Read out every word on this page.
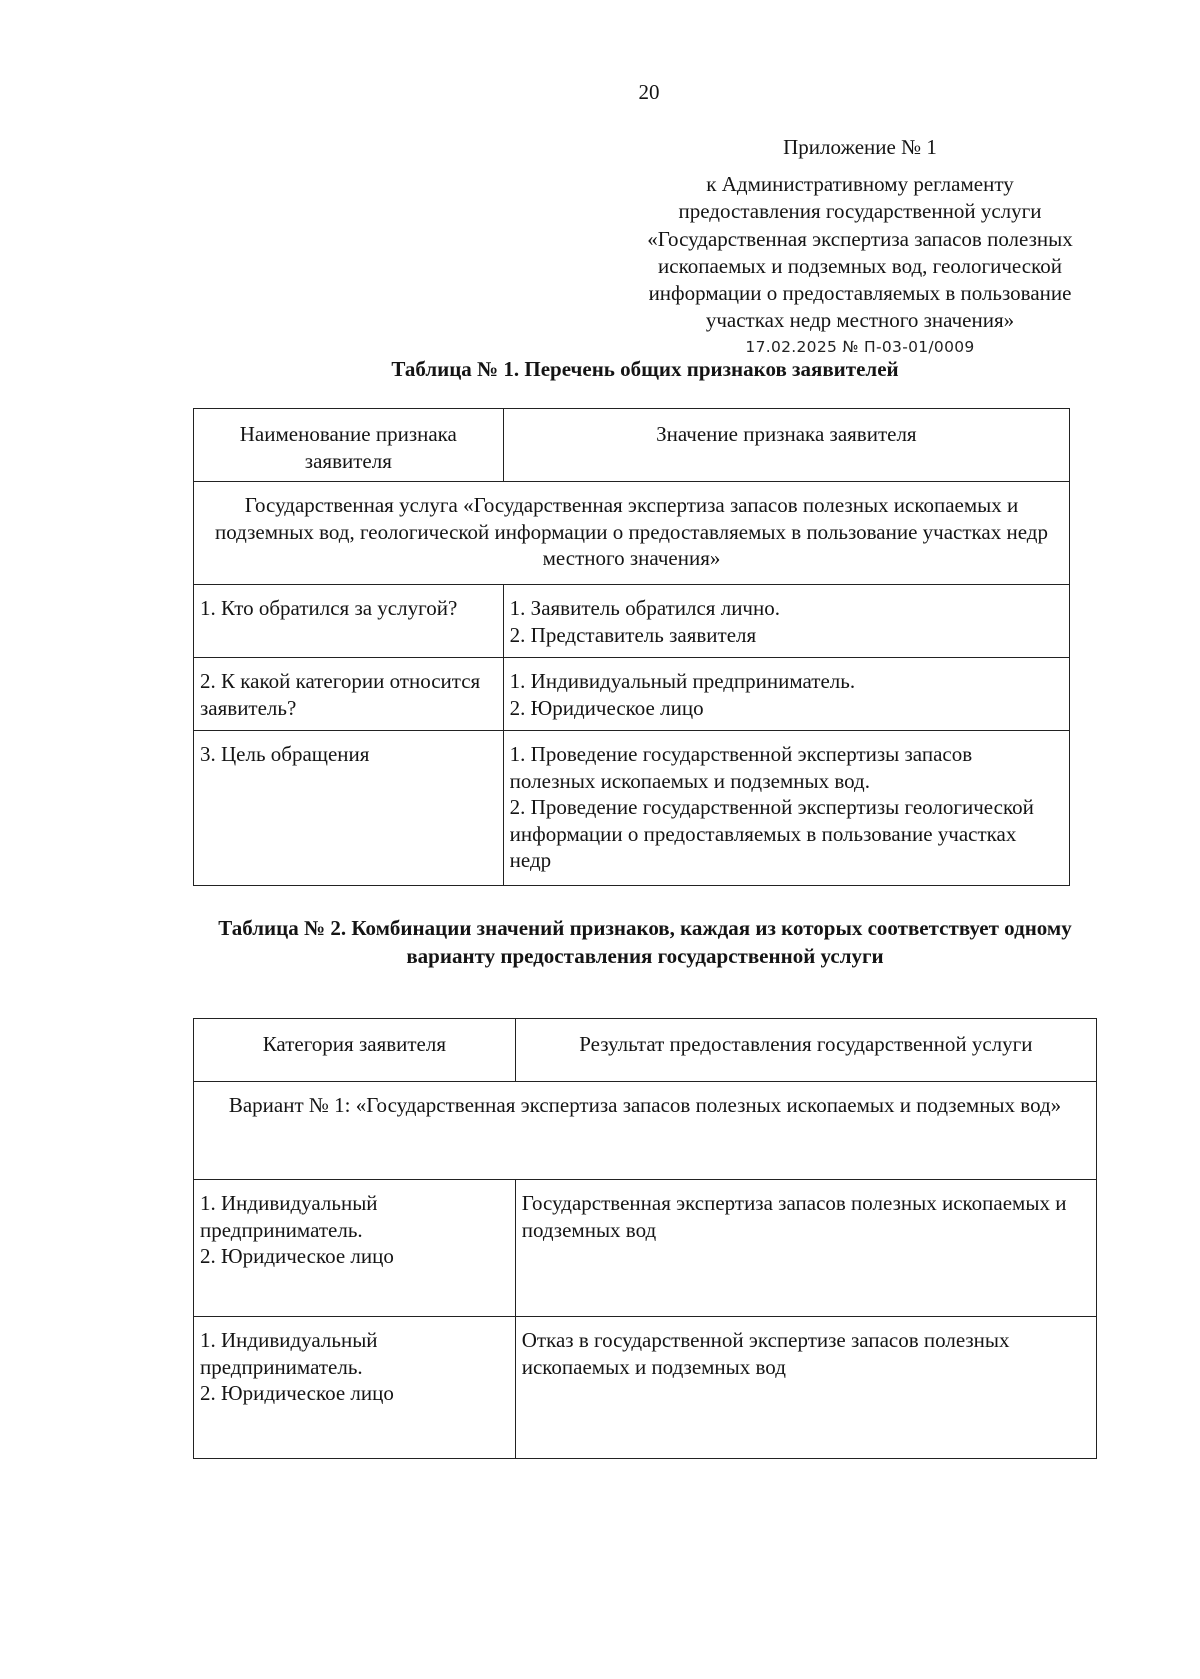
20
Приложение № 1
к Административному регламенту
предоставления государственной услуги
«Государственная экспертиза запасов полезных
ископаемых и подземных вод, геологической
информации о предоставляемых в пользование
участках недр местного значения»
17.02.2025 № П-03-01/0009
Таблица № 1. Перечень общих признаков заявителей
Наименование признака заявителя	Значение признака заявителя
Государственная услуга «Государственная экспертиза запасов полезных ископаемых и подземных вод, геологической информации о предоставляемых в пользование участках недр местного значения»	
1. Кто обратился за услугой?	1. Заявитель обратился лично.
2. Представитель заявителя

2. К какой категории относится заявитель?	1. Индивидуальный предприниматель.
2. Юридическое лицо

3. Цель обращения	1. Проведение государственной экспертизы запасов полезных ископаемых и подземных вод.
2. Проведение государственной экспертизы геологической информации о предоставляемых в пользование участках недр
Таблица № 2. Комбинации значений признаков, каждая из которых соответствует одному варианту предоставления государственной услуги
Категория заявителя	Результат предоставления государственной услуги
Вариант № 1: «Государственная экспертиза запасов полезных ископаемых и подземных вод»	

1. Индивидуальный предприниматель.
2. Юридическое лицо	Государственная экспертиза запасов полезных ископаемых и подземных вод

1. Индивидуальный предприниматель.
2. Юридическое лицо	Отказ в государственной экспертизе запасов полезных ископаемых и подземных вод
